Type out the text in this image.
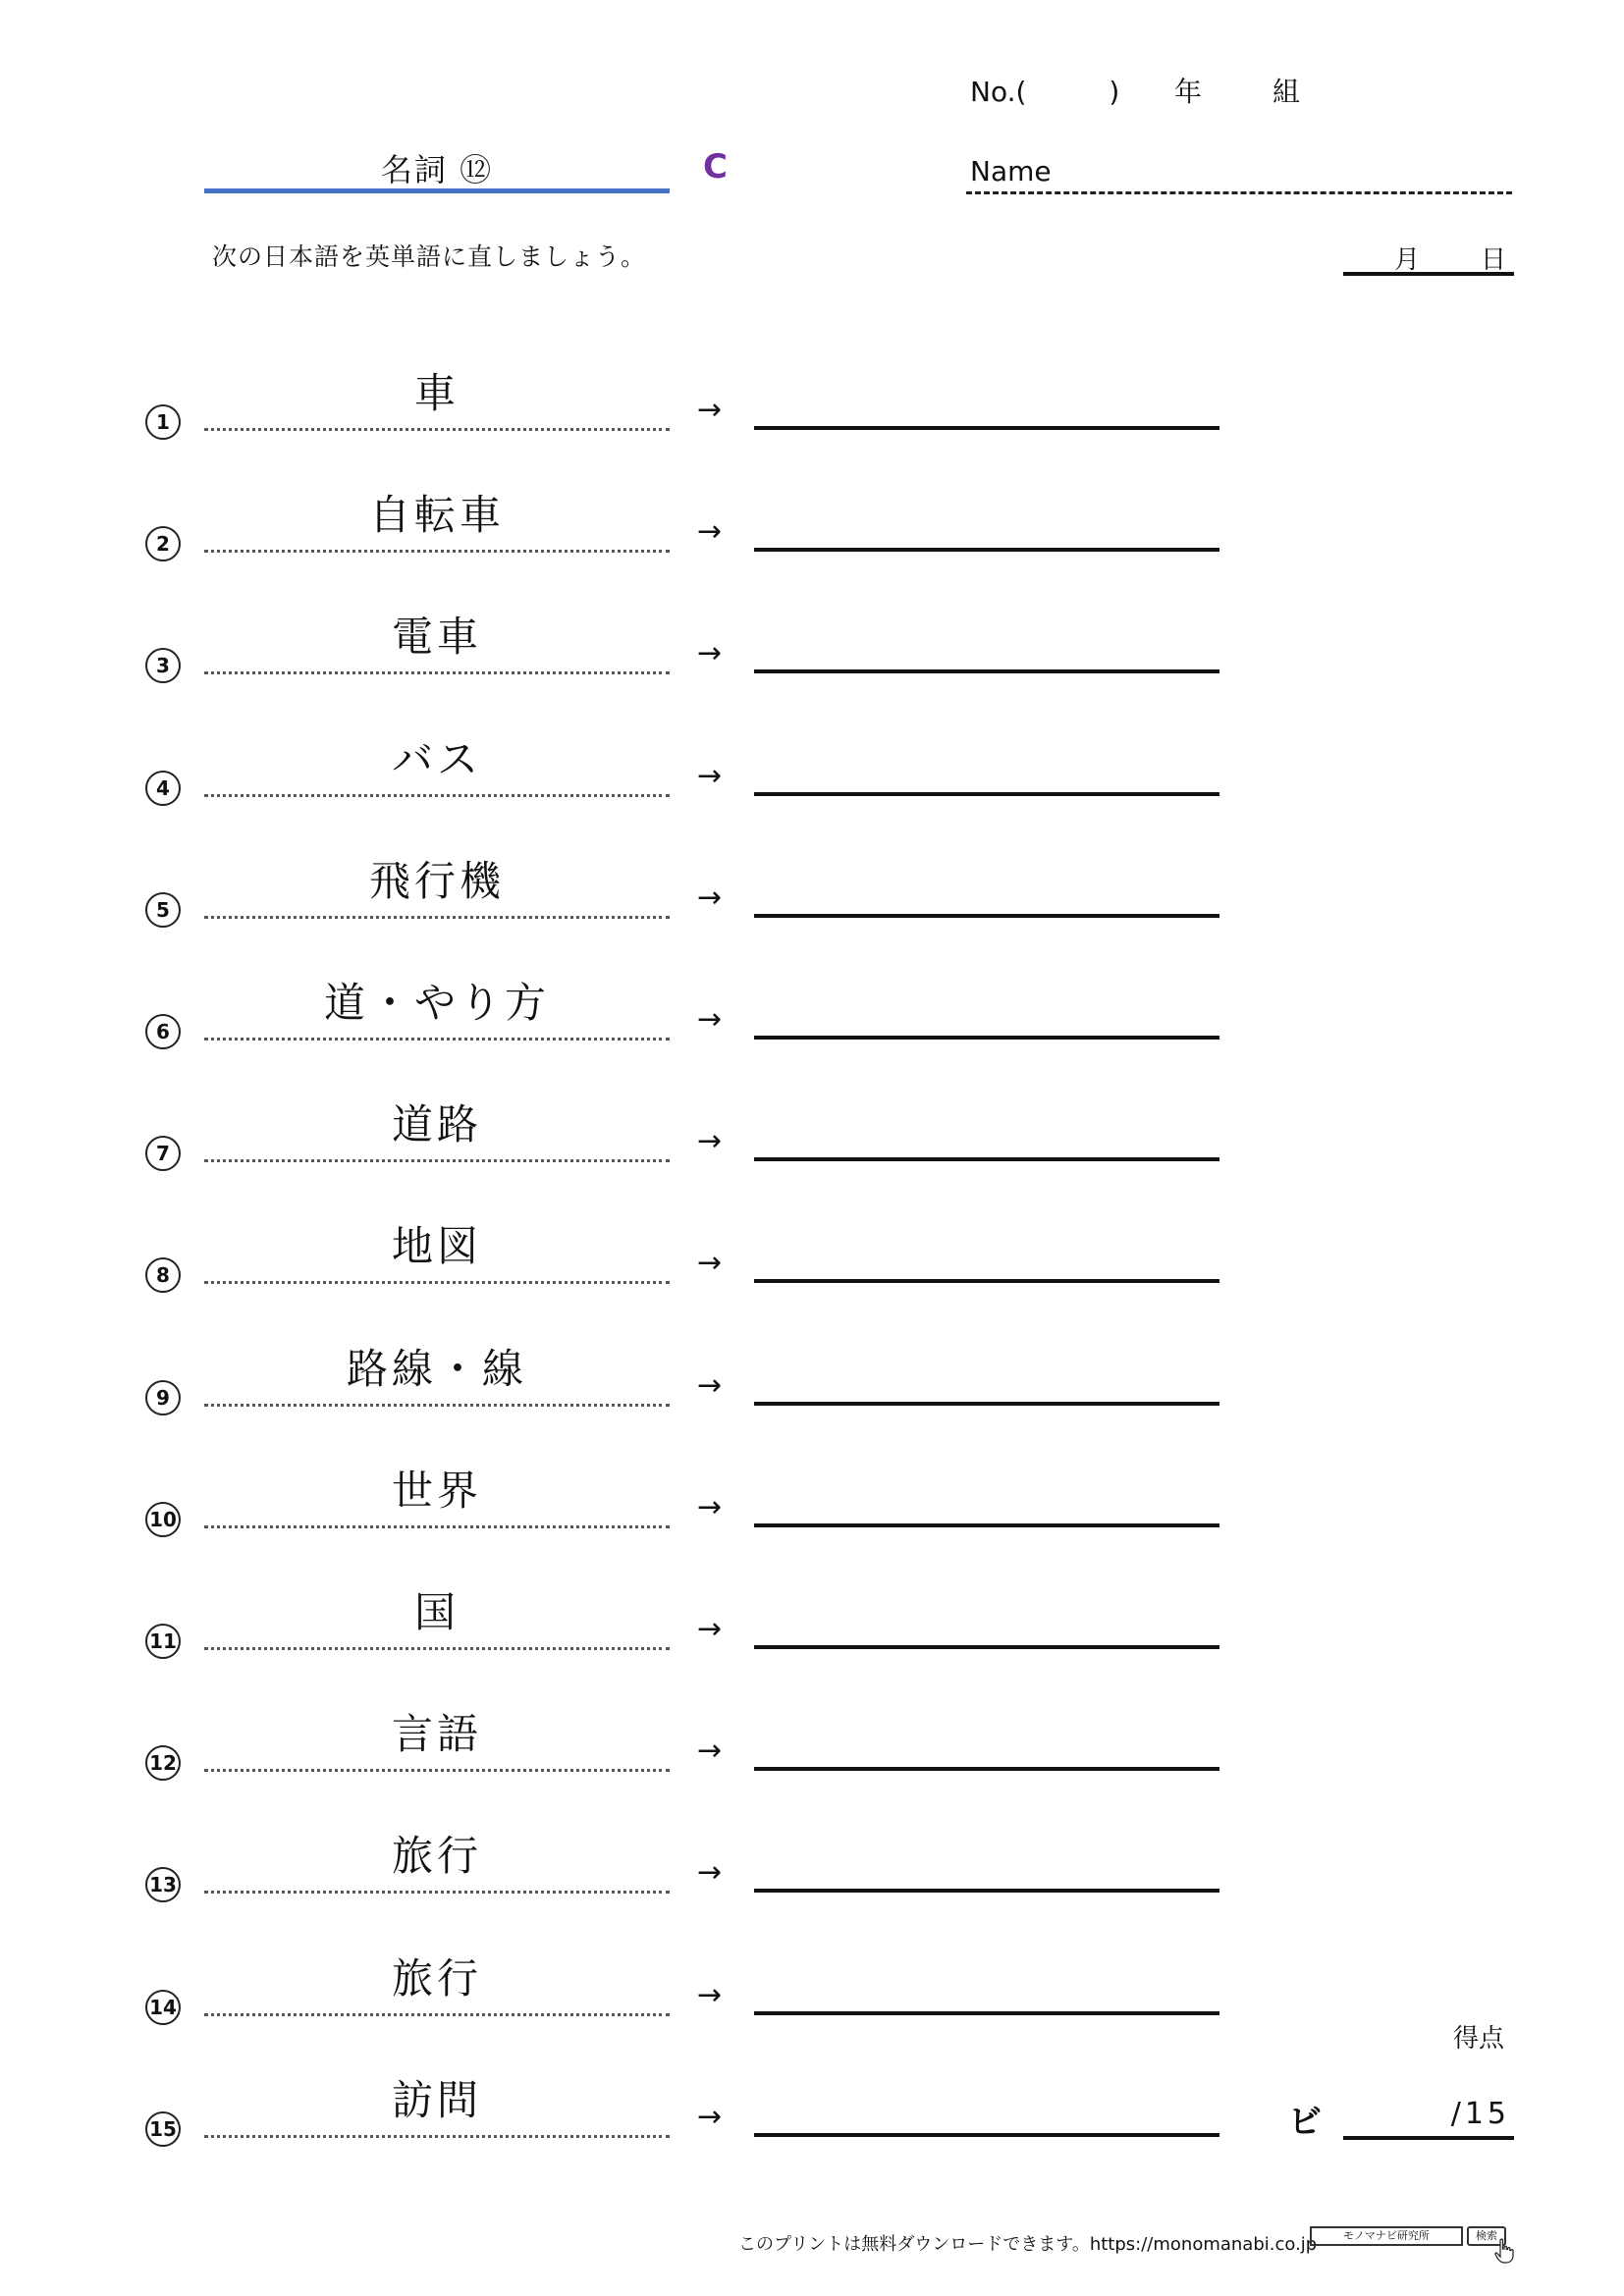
No.(　　　) 年	組
名詞 ⑫	C	Name
次の日本語を英単語に直しましょう。	月 日
1
車	→
2
自転車	→
3
電車	→
4
バス	→
5
飛行機	→
6
道・やり方	→
7
道路	→
8
地図	→
9
路線・線	→
10
世界	→
11
国	→
12
言語	→
13
旅行	→
14
旅行	→
15
訪問	→
得点
ビ	/15
このプリントは無料ダウンロードできます。https://monomanabi.co.jp	モノマナビ研究所	検索
